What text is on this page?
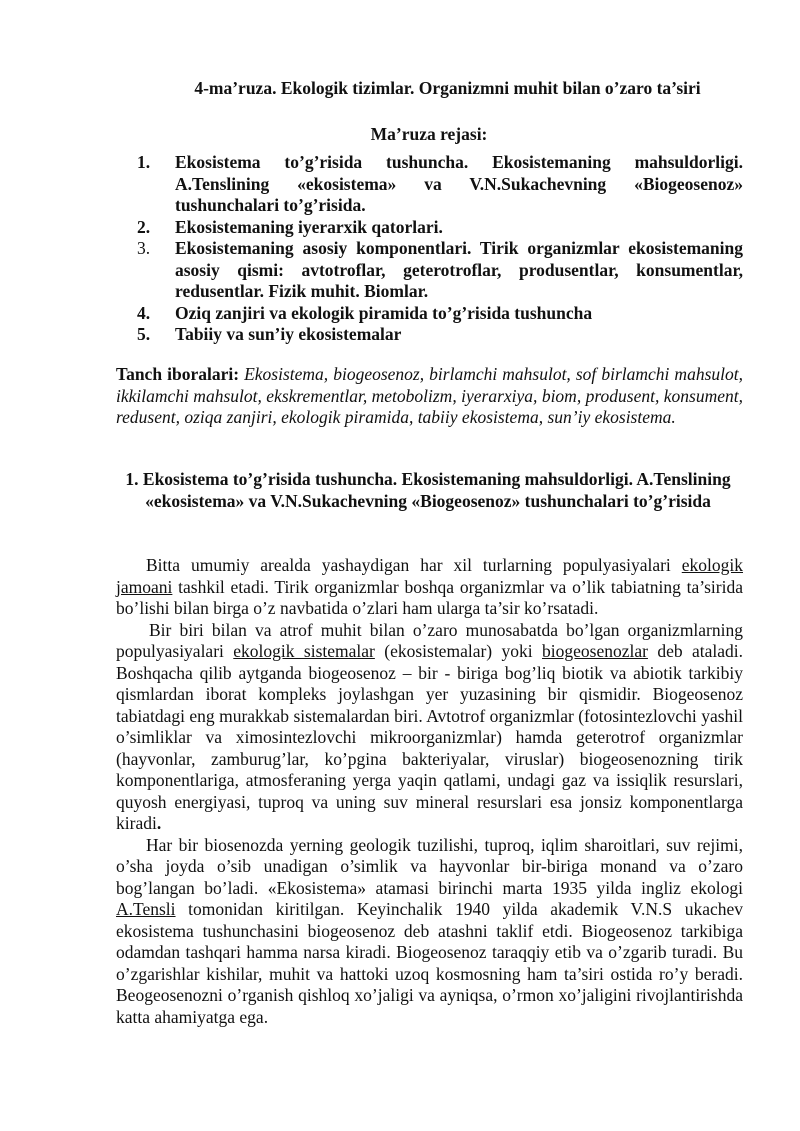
4-ma’ruza. Ekologik tizimlar. Organizmni muhit bilan o’zaro ta’siri
Ma’ruza rejasi:
1. Ekosistema to’g’risida tushuncha. Ekosistemaning mahsuldorligi. A.Tenslining «ekosistema» va V.N.Sukachevning «Biogeosenoz» tushunchalari to’g’risida.
2. Ekosistemaning iyerarxik qatorlari.
3. Ekosistemaning asosiy komponentlari. Tirik organizmlar ekosistemaning asosiy qismi: avtotroflar, geterotroflar, produsentlar, konsumentlar, redusentlar. Fizik muhit. Biomlar.
4. Oziq zanjiri va ekologik piramida to’g’risida tushuncha
5. Tabiiy va sun’iy ekosistemalar
Tanch iboralari: Ekosistema, biogeosenoz, birlamchi mahsulot, sof birlamchi mahsulot, ikkilamchi mahsulot, ekskrementlar, metobolizm, iyerarxiya, biom, produsent, konsument, redusent, oziqa zanjiri, ekologik piramida, tabiiy ekosistema, sun’iy ekosistema.
1. Ekosistema to’g’risida tushuncha. Ekosistemaning mahsuldorligi. A.Tenslining «ekosistema» va V.N.Sukachevning «Biogeosenoz» tushunchalari to’g’risida

Bitta umumiy arealda yashaydigan har xil turlarning populyasiyalari ekologik jamoani tashkil etadi. Tirik organizmlar boshqa organizmlar va o’lik tabiatning ta’sirida bo’lishi bilan birga o’z navbatida o’zlari ham ularga ta’sir ko’rsatadi.

Bir biri bilan va atrof muhit bilan o’zaro munosabatda bo’lgan organizmlarning populyasiyalari ekologik sistemalar (ekosistemalar) yoki biogeosenozlar deb ataladi. Boshqacha qilib aytganda biogeosenoz – bir - biriga bog’liq biotik va abiotik tarkibiy qismlardan iborat kompleks joylashgan yer yuzasining bir qismidir. Biogeosenoz tabiatdagi eng murakkab sistemalardan biri. Avtotrof organizmlar (fotosintezlovchi yashil o’simliklar va ximosintezlovchi mikroorganizmlar) hamda geterotrof organizmlar (hayvonlar, zamburug’lar, ko’pgina bakteriyalar, viruslar) biogeosenozning tirik komponentlariga, atmosferaning yerga yaqin qatlami, undagi gaz va issiqlik resurslari, quyosh energiyasi, tuproq va uning suv mineral resurslari esa jonsiz komponentlarga kiradi.

Har bir biosenozda yerning geologik tuzilishi, tuproq, iqlim sharoitlari, suv rejimi, o’sha joyda o’sib unadigan o’simlik va hayvonlar bir-biriga monand va o’zaro bog’langan bo’ladi. «Ekosistema» atamasi birinchi marta 1935 yilda ingliz ekologi A.Tensli tomonidan kiritilgan. Keyinchalik 1940 yilda akademik V.N.S ukachev ekosistema tushunchasini biogeosenoz deb atashni taklif etdi. Biogeosenoz tarkibiga odamdan tashqari hamma narsa kiradi. Biogeosenoz taraqqiy etib va o’zgarib turadi. Bu o’zgarishlar kishilar, muhit va hattoki uzoq kosmosning ham ta’siri ostida ro’y beradi. Beogeosenozni o’rganish qishloq xo’jaligi va ayniqsa, o’rmon xo’jaligini rivojlantirishda katta ahamiyatga ega.
